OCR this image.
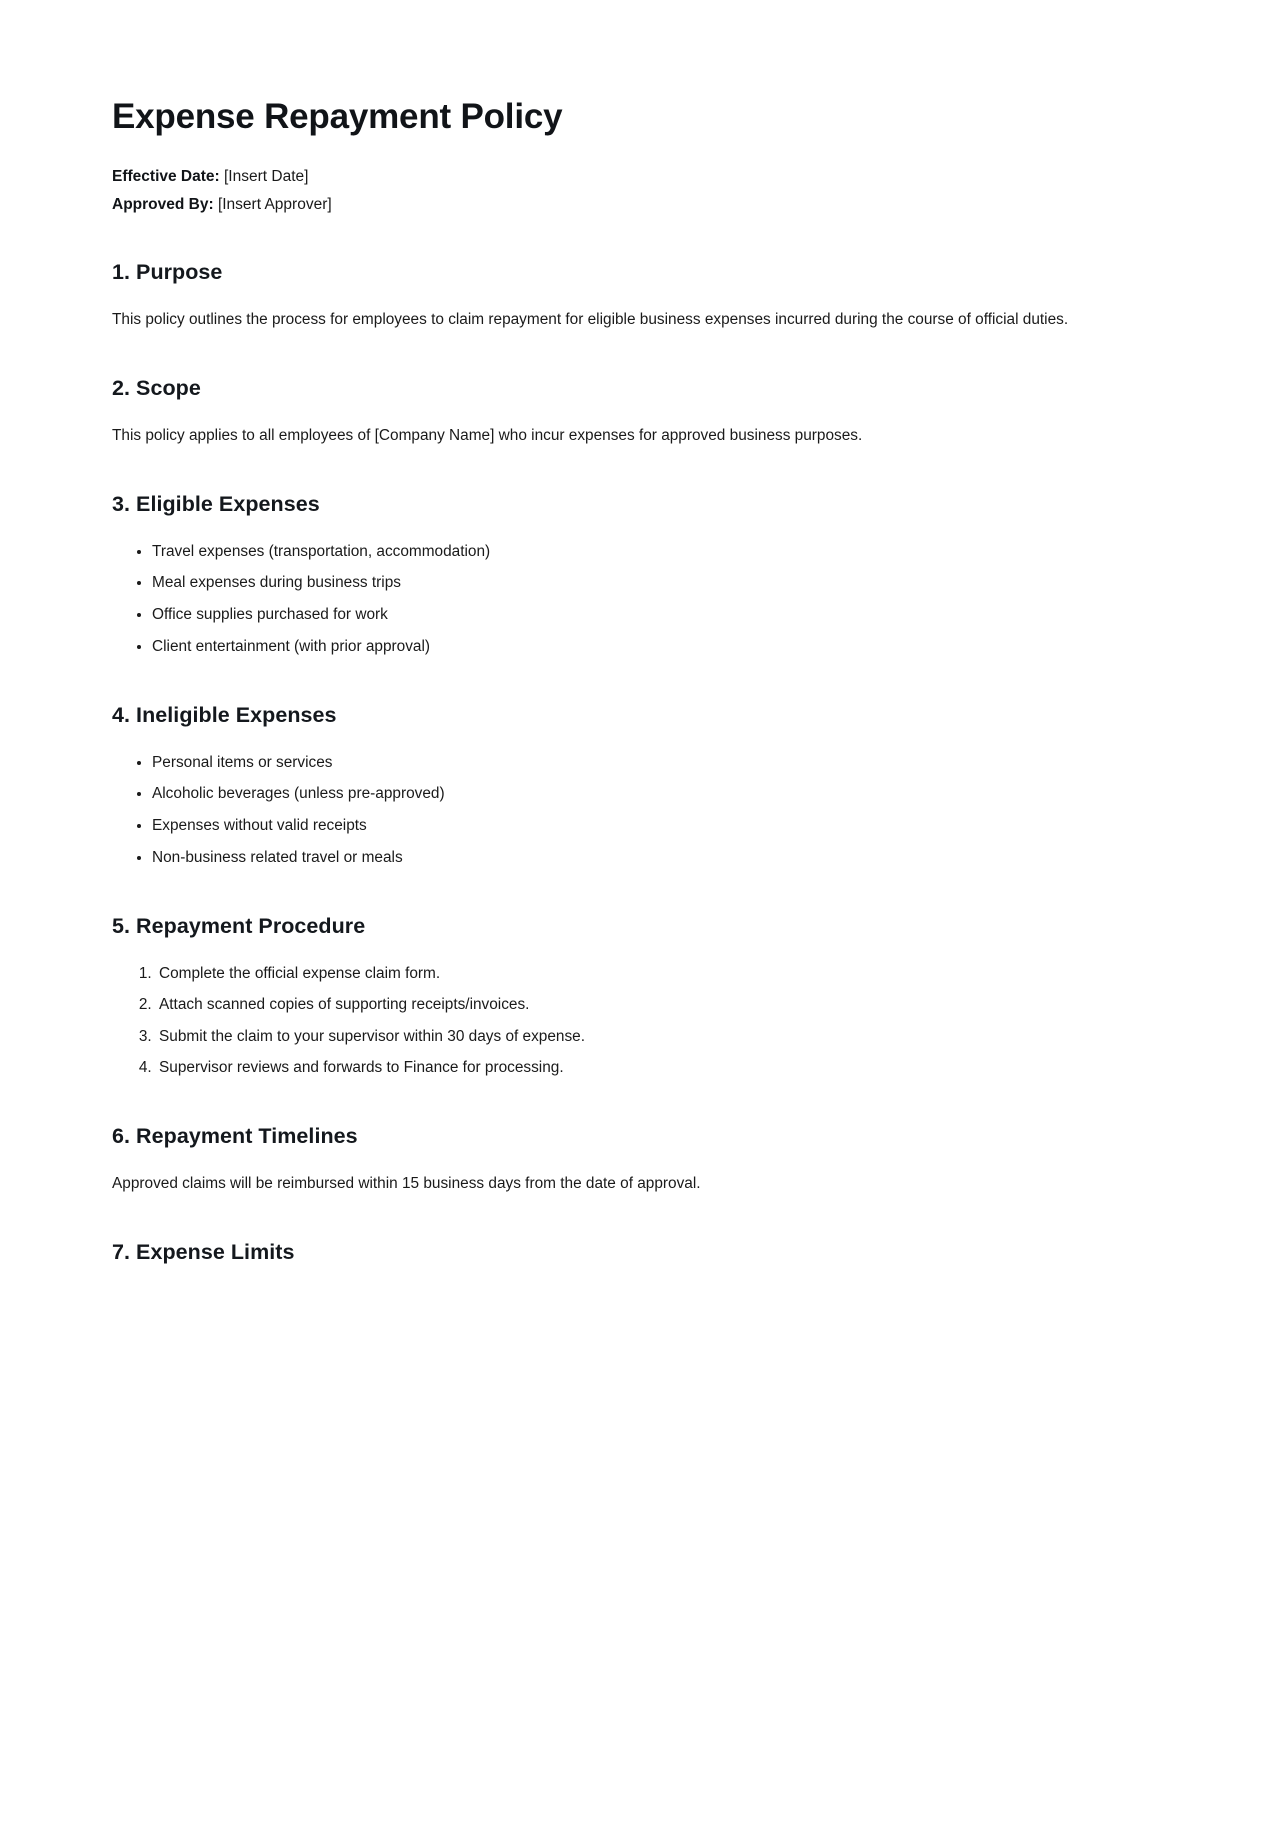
Expense Repayment Policy

Effective Date: [Insert Date]

Approved By: [Insert Approver]

1. Purpose

This policy outlines the process for employees to claim repayment for eligible business expenses incurred during the course of official duties.

2. Scope

This policy applies to all employees of [Company Name] who incur expenses for approved business purposes.

3. Eligible Expenses
• Travel expenses (transportation, accommodation)
• Meal expenses during business trips
• Office supplies purchased for work
• Client entertainment (with prior approval)
4. Ineligible Expenses
• Personal items or services
• Alcoholic beverages (unless pre-approved)
• Expenses without valid receipts
• Non-business related travel or meals
5. Repayment Procedure
1. Complete the official expense claim form.
2. Attach scanned copies of supporting receipts/invoices.
3. Submit the claim to your supervisor within 30 days of expense.
4. Supervisor reviews and forwards to Finance for processing.
6. Repayment Timelines

Approved claims will be reimbursed within 15 business days from the date of approval.

7. Expense Limits
